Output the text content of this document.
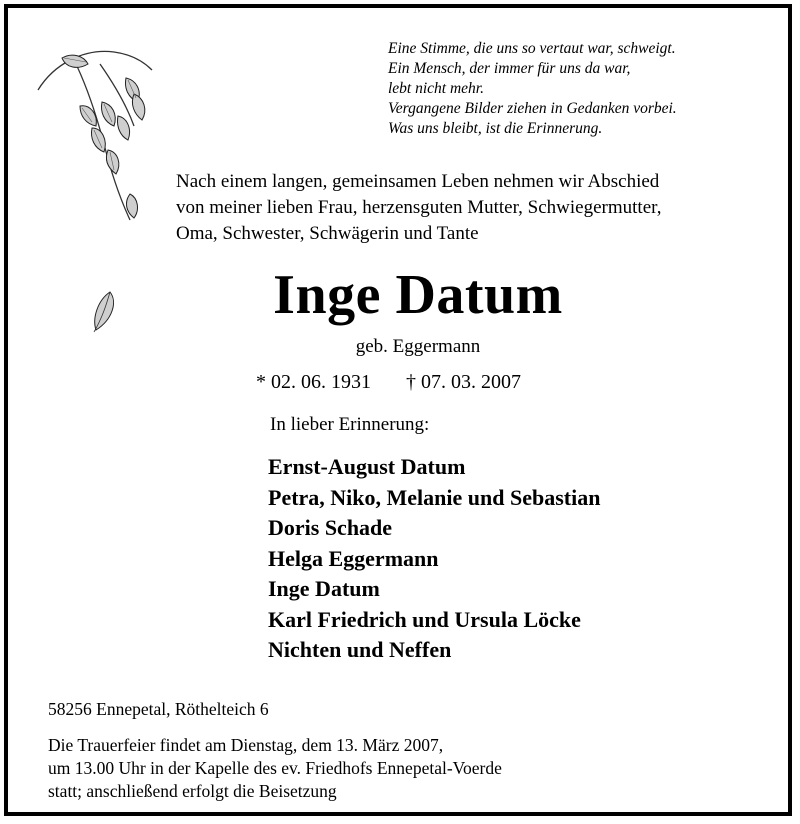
Eine Stimme, die uns so vertaut war, schweigt.
Ein Mensch, der immer für uns da war,
lebt nicht mehr.
Vergangene Bilder ziehen in Gedanken vorbei.
Was uns bleibt, ist die Erinnerung.
Nach einem langen, gemeinsamen Leben nehmen wir Abschied
von meiner lieben Frau, herzensguten Mutter, Schwiegermutter,
Oma, Schwester, Schwägerin und Tante
Inge Datum
geb. Eggermann
* 02. 06. 1931 † 07. 03. 2007
In lieber Erinnerung:
Ernst-August Datum
Petra, Niko, Melanie und Sebastian
Doris Schade
Helga Eggermann
Inge Datum
Karl Friedrich und Ursula Löcke
Nichten und Neffen
58256 Ennepetal, Röthelteich 6
Die Trauerfeier findet am Dienstag, dem 13. März 2007,
um 13.00 Uhr in der Kapelle des ev. Friedhofs Ennepetal-Voerde
statt; anschließend erfolgt die Beisetzung
